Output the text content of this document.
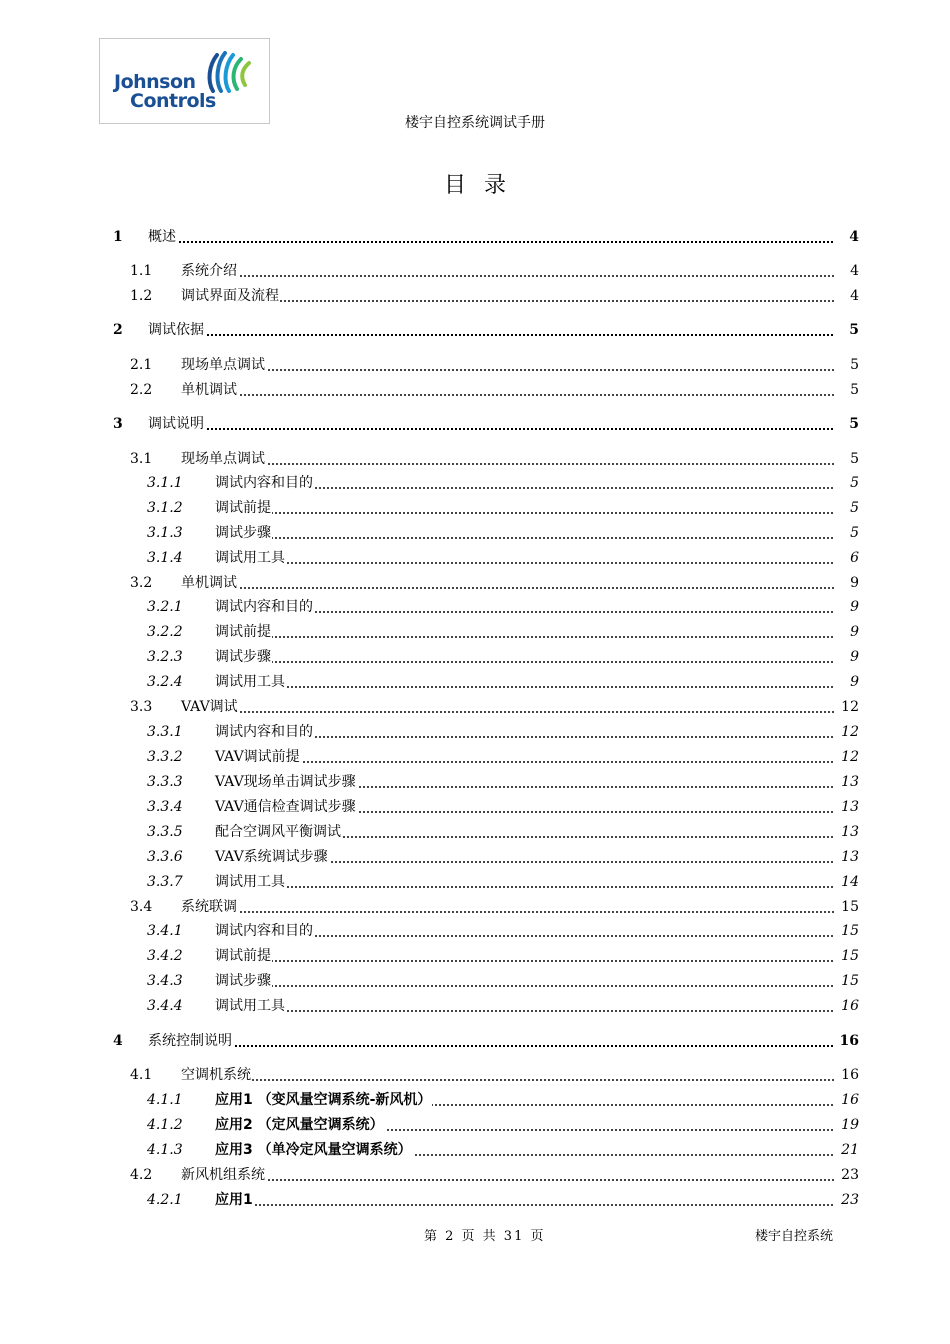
Johnson
Controls
楼宇自控系统调试手册
目录
1 概述	4
1.1 系统介绍	4
1.2 调试界面及流程	4
2 调试依据	5
2.1 现场单点调试	5
2.2 单机调试	5
3 调试说明	5
3.1 现场单点调试	5
3.1.1 调试内容和目的	5
3.1.2 调试前提	5
3.1.3 调试步骤	5
3.1.4 调试用工具	6
3.2 单机调试	9
3.2.1 调试内容和目的	9
3.2.2 调试前提	9
3.2.3 调试步骤	9
3.2.4 调试用工具	9
3.3 VAV调试	12
3.3.1 调试内容和目的	12
3.3.2 VAV调试前提	12
3.3.3 VAV现场单击调试步骤	13
3.3.4 VAV通信检查调试步骤	13
3.3.5 配合空调风平衡调试	13
3.3.6 VAV系统调试步骤	13
3.3.7 调试用工具	14
3.4 系统联调	15
3.4.1 调试内容和目的	15
3.4.2 调试前提	15
3.4.3 调试步骤	15
3.4.4 调试用工具	16
4 系统控制说明	16
4.1 空调机系统	16
4.1.1 应用1 （变风量空调系统-新风机）	16
4.1.2 应用2 （定风量空调系统）	19
4.1.3 应用3 （单冷定风量空调系统）	21
4.2 新风机组系统	23
4.2.1 应用1	23
第 2 页 共 31 页	楼宇自控系统
